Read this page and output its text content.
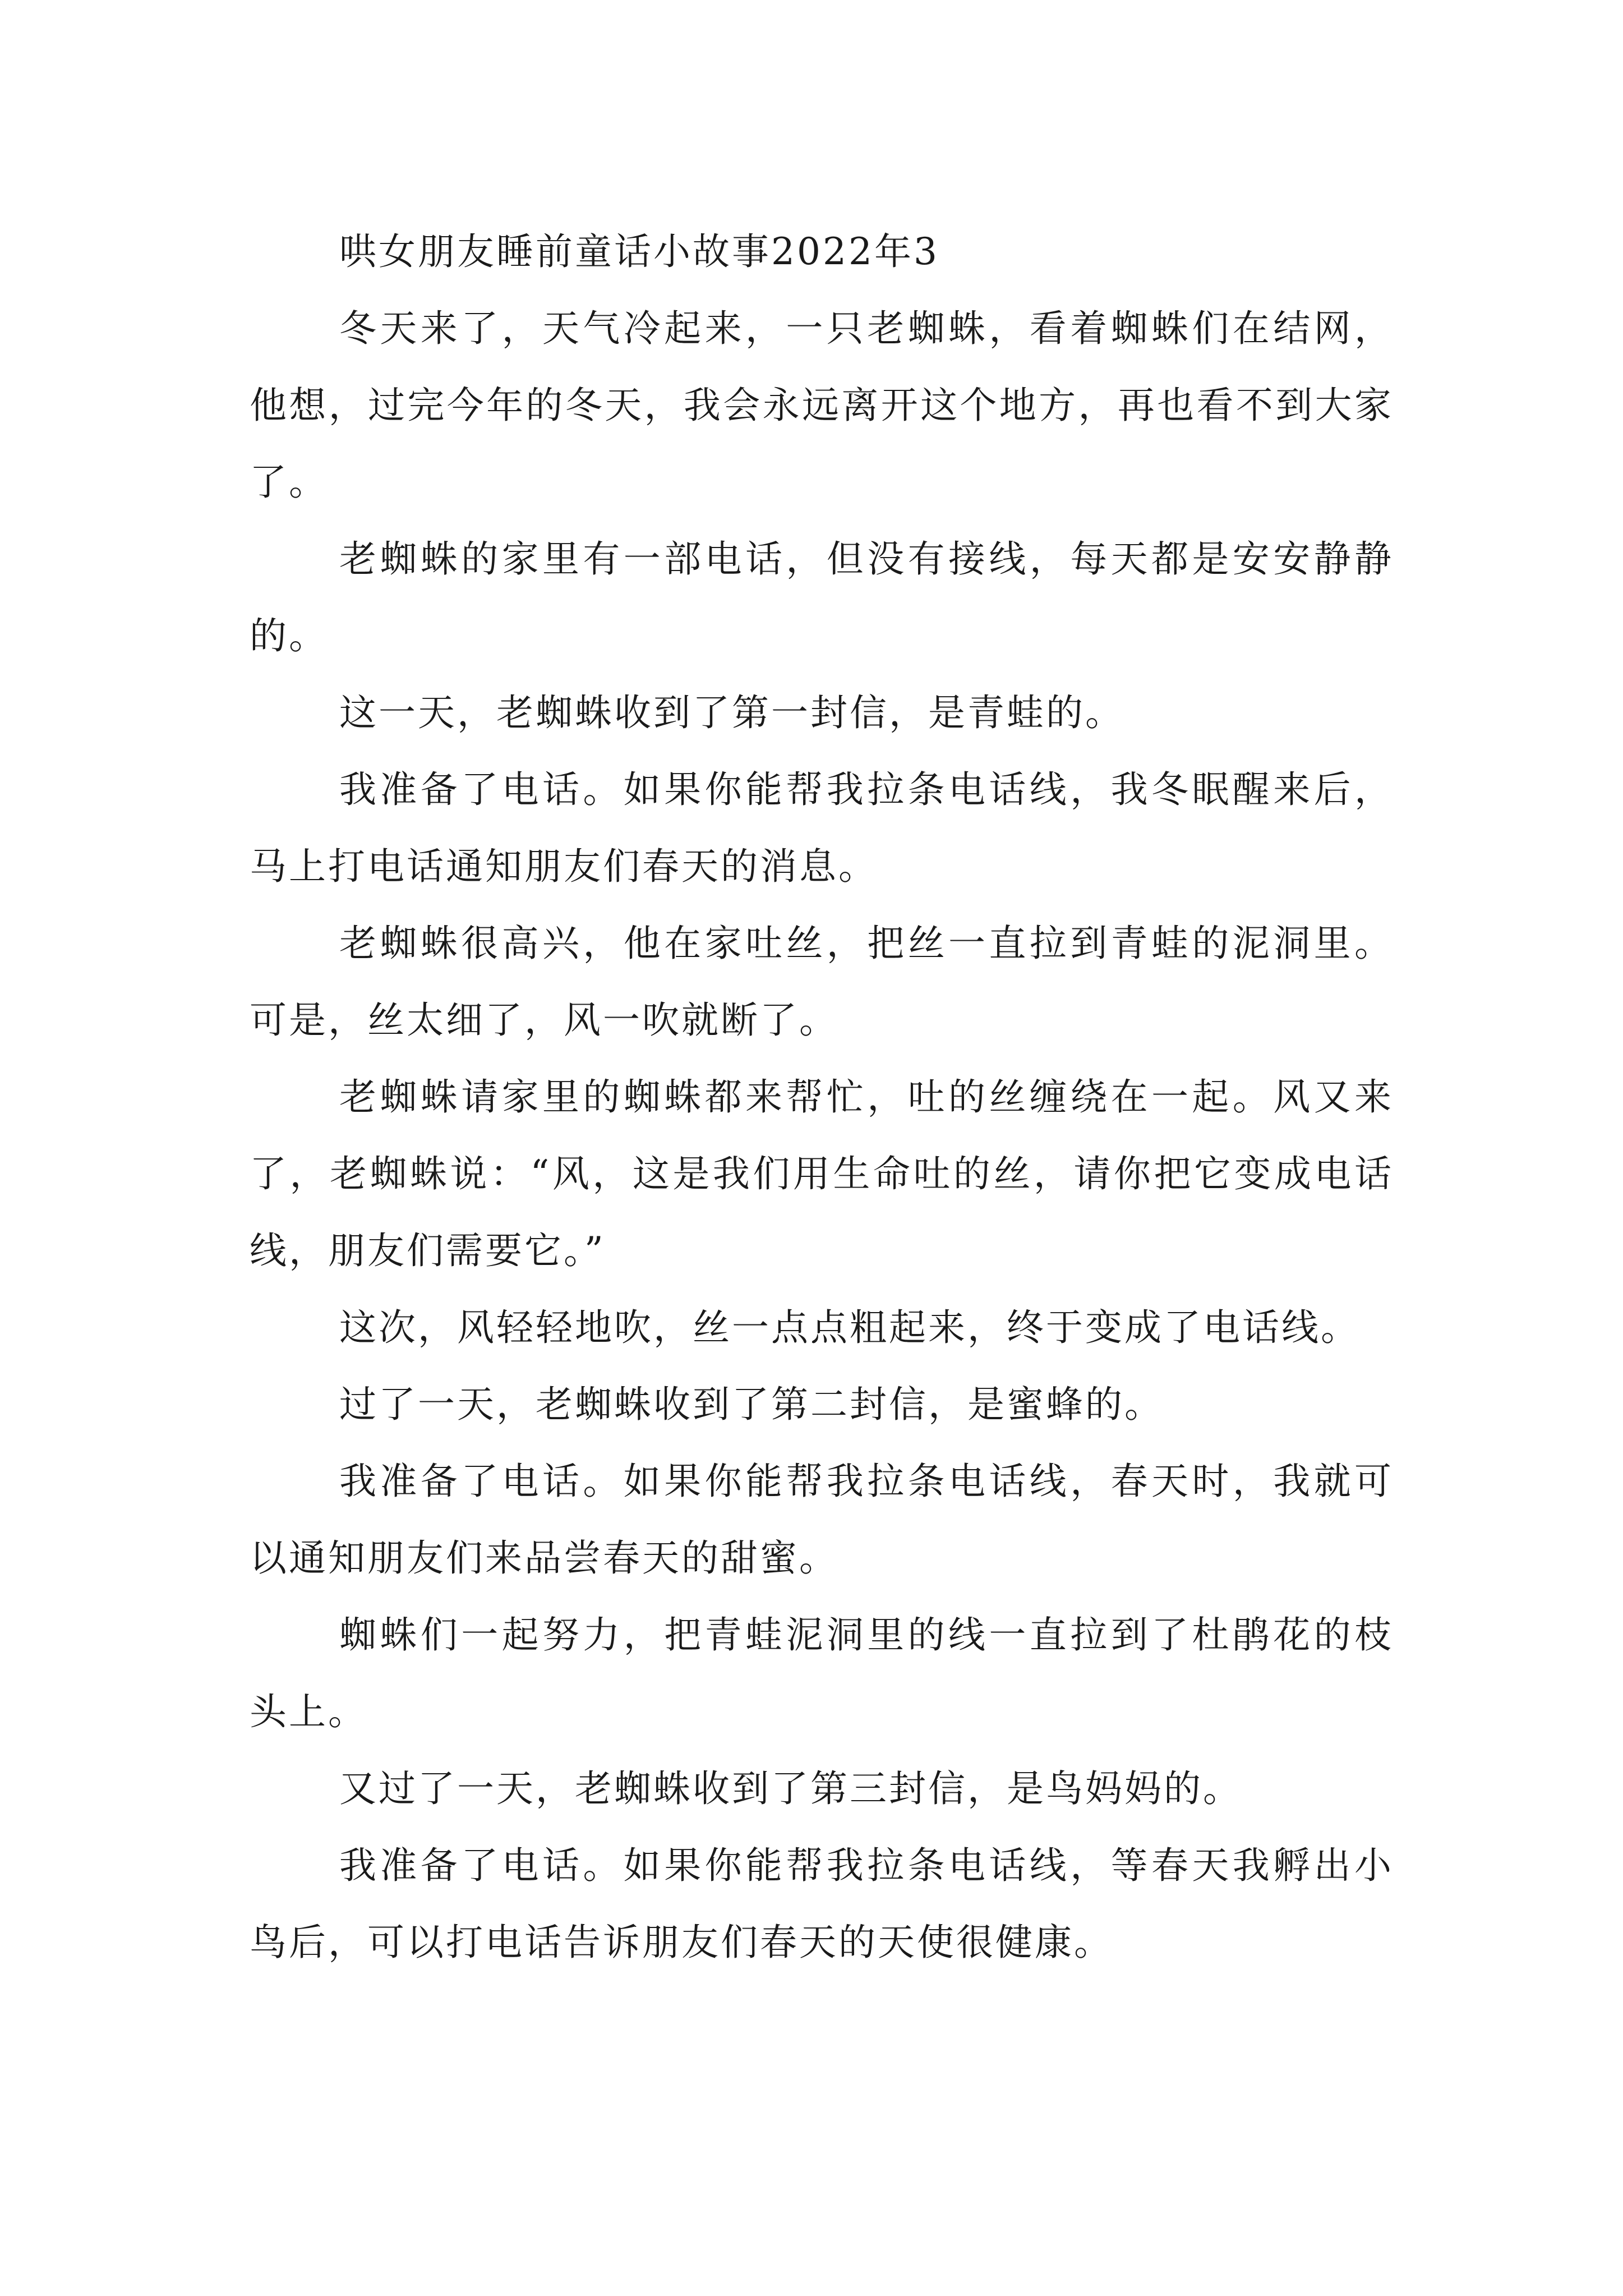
哄女朋友睡前童话小故事2022年3

冬天来了，天气冷起来，一只老蜘蛛，看着蜘蛛们在结网，他想，过完今年的冬天，我会永远离开这个地方，再也看不到大家了。

老蜘蛛的家里有一部电话，但没有接线，每天都是安安静静的。

这一天，老蜘蛛收到了第一封信，是青蛙的。

我准备了电话。如果你能帮我拉条电话线，我冬眠醒来后，马上打电话通知朋友们春天的消息。

老蜘蛛很高兴，他在家吐丝，把丝一直拉到青蛙的泥洞里。可是，丝太细了，风一吹就断了。

老蜘蛛请家里的蜘蛛都来帮忙，吐的丝缠绕在一起。风又来了，老蜘蛛说：“风，这是我们用生命吐的丝，请你把它变成电话线，朋友们需要它。”

这次，风轻轻地吹，丝一点点粗起来，终于变成了电话线。

过了一天，老蜘蛛收到了第二封信，是蜜蜂的。

我准备了电话。如果你能帮我拉条电话线，春天时，我就可以通知朋友们来品尝春天的甜蜜。

蜘蛛们一起努力，把青蛙泥洞里的线一直拉到了杜鹃花的枝头上。

又过了一天，老蜘蛛收到了第三封信，是鸟妈妈的。

我准备了电话。如果你能帮我拉条电话线，等春天我孵出小鸟后，可以打电话告诉朋友们春天的天使很健康。
